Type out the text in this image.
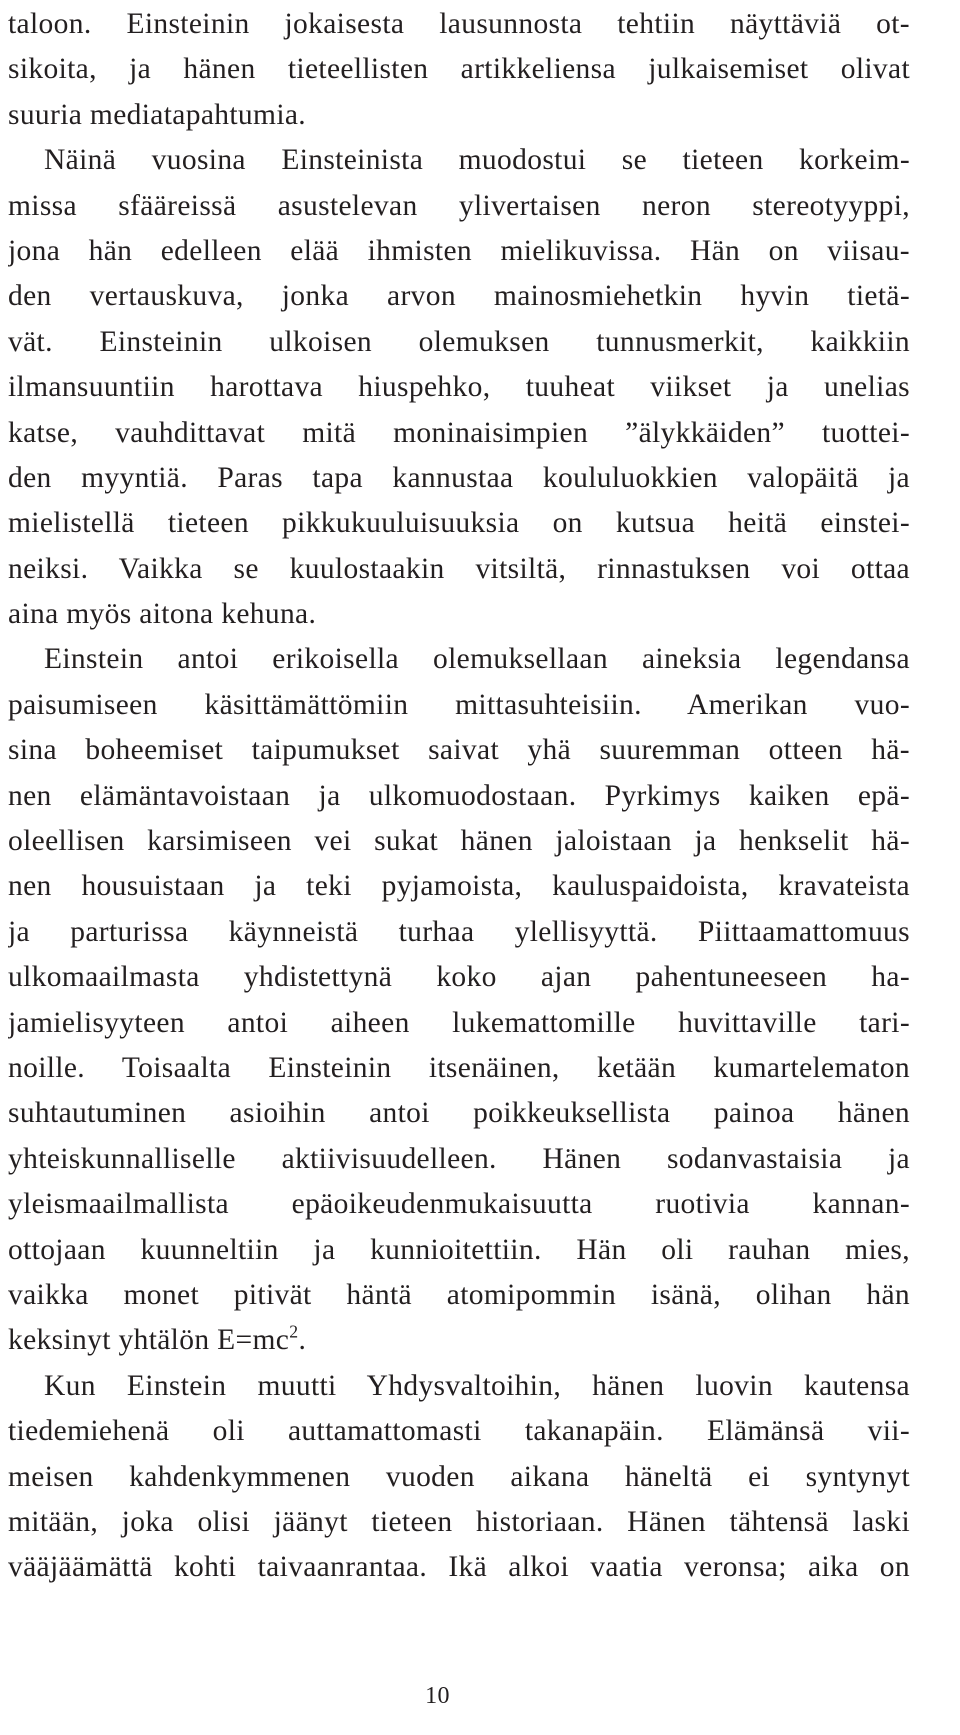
taloon. Einsteinin jokaisesta lausunnosta tehtiin näyttäviä ot-
sikoita, ja hänen tieteellisten artikkeliensa julkaisemiset olivat
suuria mediatapahtumia.
Näinä vuosina Einsteinista muodostui se tieteen korkeim-
missa sfääreissä asustelevan ylivertaisen neron stereotyyppi,
jona hän edelleen elää ihmisten mielikuvissa. Hän on viisau-
den vertauskuva, jonka arvon mainosmiehetkin hyvin tietä-
vät. Einsteinin ulkoisen olemuksen tunnusmerkit, kaikkiin
ilmansuuntiin harottava hiuspehko, tuuheat viikset ja unelias
katse, vauhdittavat mitä moninaisimpien ”älykkäiden” tuottei-
den myyntiä. Paras tapa kannustaa koululuokkien valopäitä ja
mielistellä tieteen pikkukuuluisuuksia on kutsua heitä einstei-
neiksi. Vaikka se kuulostaakin vitsiltä, rinnastuksen voi ottaa
aina myös aitona kehuna.
Einstein antoi erikoisella olemuksellaan aineksia legendansa
paisumiseen käsittämättömiin mittasuhteisiin. Amerikan vuo-
sina boheemiset taipumukset saivat yhä suuremman otteen hä-
nen elämäntavoistaan ja ulkomuodostaan. Pyrkimys kaiken epä-
oleellisen karsimiseen vei sukat hänen jaloistaan ja henkselit hä-
nen housuistaan ja teki pyjamoista, kauluspaidoista, kravateista
ja parturissa käynneistä turhaa ylellisyyttä. Piittaamattomuus
ulkomaailmasta yhdistettynä koko ajan pahentuneeseen ha-
jamielisyyteen antoi aiheen lukemattomille huvittaville tari-
noille. Toisaalta Einsteinin itsenäinen, ketään kumartelematon
suhtautuminen asioihin antoi poikkeuksellista painoa hänen
yhteiskunnalliselle aktiivisuudelleen. Hänen sodanvastaisia ja
yleismaailmallista epäoikeudenmukaisuutta ruotivia kannan-
ottojaan kuunneltiin ja kunnioitettiin. Hän oli rauhan mies,
vaikka monet pitivät häntä atomipommin isänä, olihan hän
keksinyt yhtälön $E=mc^2$.
Kun Einstein muutti Yhdysvaltoihin, hänen luovin kautensa
tiedemiehenä oli auttamattomasti takanapäin. Elämänsä vii-
meisen kahdenkymmenen vuoden aikana häneltä ei syntynyt
mitään, joka olisi jäänyt tieteen historiaan. Hänen tähtensä laski
vääjäämättä kohti taivaanrantaa. Ikä alkoi vaatia veronsa; aika on
10
